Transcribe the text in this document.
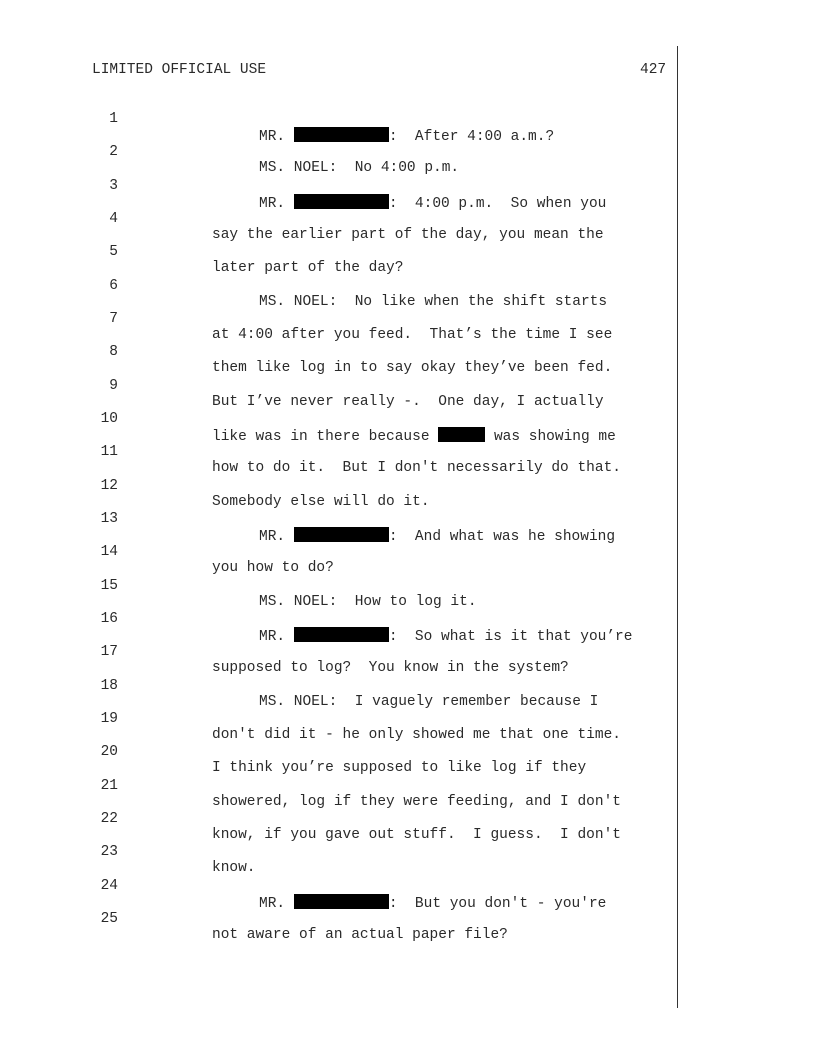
LIMITED OFFICIAL USE	427

1

MR.	:  After 4:00 a.m.?

2

MS. NOEL:  No 4:00 p.m.

3

MR.	:  4:00 p.m.  So when you

4

say the earlier part of the day, you mean the

5

later part of the day?

6

MS. NOEL:  No like when the shift starts

7

at 4:00 after you feed.  That’s the time I see

8

them like log in to say okay they’ve been fed.

9

But I’ve never really -.  One day, I actually

10

like was in there because	was showing me

11

how to do it.  But I don't necessarily do that.

12

Somebody else will do it.

13

MR.	:  And what was he showing

14

you how to do?

15

MS. NOEL:  How to log it.

16

MR.	:  So what is it that you’re

17

supposed to log?  You know in the system?

18

MS. NOEL:  I vaguely remember because I

19

don't did it - he only showed me that one time.

20

I think you’re supposed to like log if they

21

showered, log if they were feeding, and I don't

22

know, if you gave out stuff.  I guess.  I don't

23

know.

24

MR.	:  But you don't - you're

25

not aware of an actual paper file?
